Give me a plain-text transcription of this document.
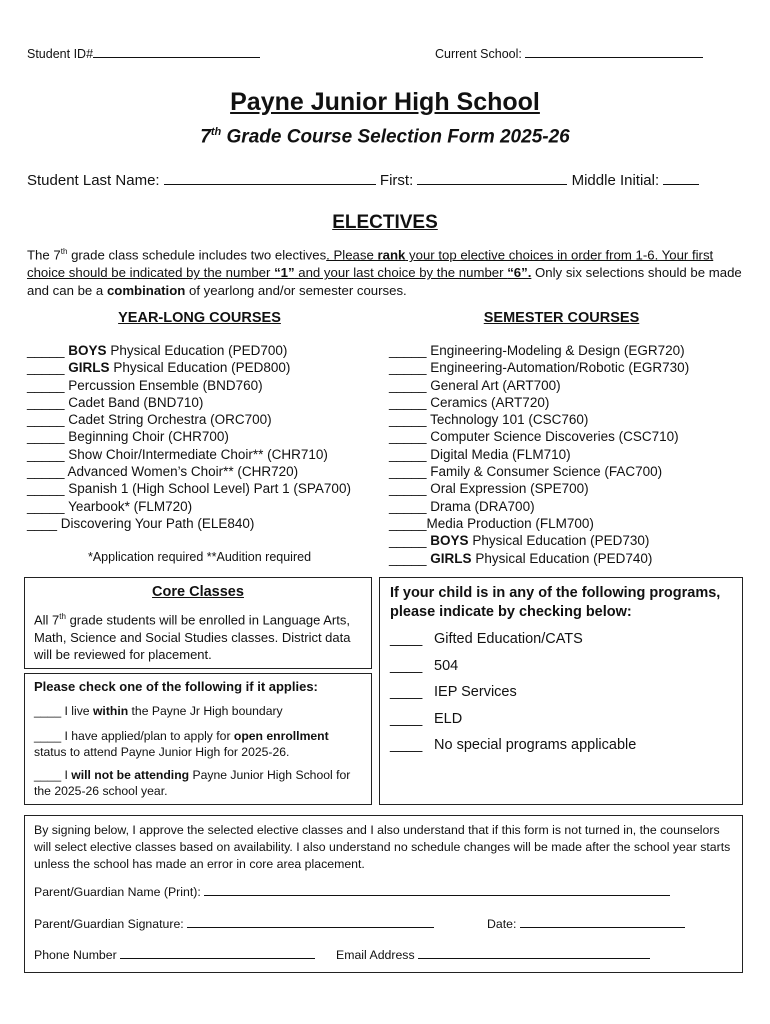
Student ID#	Current School:
Payne Junior High School
7th Grade Course Selection Form 2025-26
Student Last Name:	First:	Middle Initial:
ELECTIVES
The 7th grade class schedule includes two electives. Please rank your top elective choices in order from 1-6. Your first choice should be indicated by the number “1” and your last choice by the number “6”. Only six selections should be made and can be a combination of yearlong and/or semester courses.
YEAR-LONG COURSES
_____ BOYS Physical Education (PED700)
_____ GIRLS Physical Education (PED800)
_____ Percussion Ensemble (BND760)
_____ Cadet Band (BND710)
_____ Cadet String Orchestra (ORC700)
_____ Beginning Choir (CHR700)
_____ Show Choir/Intermediate Choir** (CHR710)
_____ Advanced Women’s Choir** (CHR720)
_____ Spanish 1 (High School Level) Part 1 (SPA700)
_____ Yearbook* (FLM720)
____ Discovering Your Path (ELE840)
*Application required **Audition required
SEMESTER COURSES
_____ Engineering-Modeling & Design (EGR720)
_____ Engineering-Automation/Robotic (EGR730)
_____ General Art (ART700)
_____ Ceramics (ART720)
_____ Technology 101 (CSC760)
_____ Computer Science Discoveries (CSC710)
_____ Digital Media (FLM710)
_____ Family & Consumer Science (FAC700)
_____ Oral Expression (SPE700)
_____ Drama (DRA700)
_____Media Production (FLM700)
_____ BOYS Physical Education (PED730)
_____ GIRLS Physical Education (PED740)
Core Classes
All 7th grade students will be enrolled in Language Arts, Math, Science and Social Studies classes. District data will be reviewed for placement.
Please check one of the following if it applies:
____ I live within the Payne Jr High boundary
____ I have applied/plan to apply for open enrollment status to attend Payne Junior High for 2025-26.
____ I will not be attending Payne Junior High School for the 2025-26 school year.
If your child is in any of the following programs, please indicate by checking below:
____ Gifted Education/CATS
____ 504
____ IEP Services
____ ELD
____ No special programs applicable
By signing below, I approve the selected elective classes and I also understand that if this form is not turned in, the counselors will select elective classes based on availability. I also understand no schedule changes will be made after the school year starts unless the school has made an error in core area placement.
Parent/Guardian Name (Print):
Parent/Guardian Signature:	Date:
Phone Number	Email Address
